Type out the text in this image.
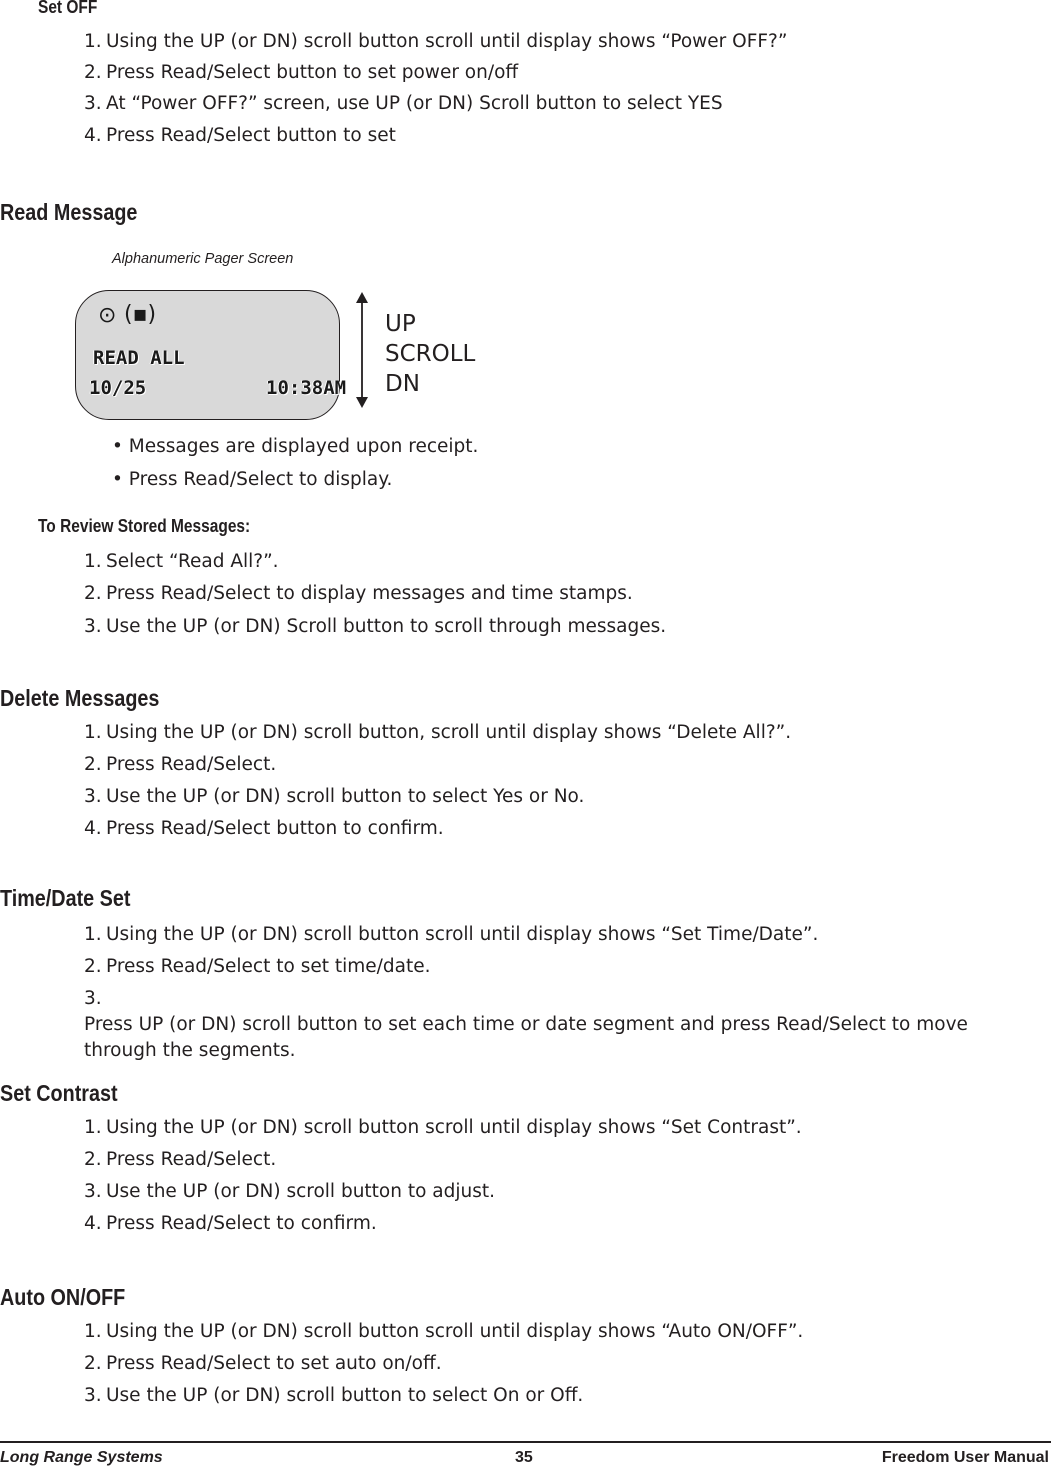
Set OFF
1. Using the UP (or DN) scroll button scroll until display shows “Power OFF?”
2. Press Read/Select button to set power on/off
3. At “Power OFF?” screen, use UP (or DN) Scroll button to select YES
4. Press Read/Select button to set
Read Message
Alphanumeric Pager Screen
⊙ (▪)
READ ALL
10/25	10:38AM
UP
SCROLL
DN
• Messages are displayed upon receipt.
• Press Read/Select to display.
To Review Stored Messages:
1. Select “Read All?”.
2. Press Read/Select to display messages and time stamps.
3. Use the UP (or DN) Scroll button to scroll through messages.
Delete Messages
1. Using the UP (or DN) scroll button, scroll until display shows “Delete All?”.
2. Press Read/Select.
3. Use the UP (or DN) scroll button to select Yes or No.
4. Press Read/Select button to confirm.
Time/Date Set
1. Using the UP (or DN) scroll button scroll until display shows “Set Time/Date”.
2. Press Read/Select to set time/date.
3.Press UP (or DN) scroll button to set each time or date segment and press Read/Select to move through the segments.
Set Contrast
1. Using the UP (or DN) scroll button scroll until display shows “Set Contrast”.
2. Press Read/Select.
3. Use the UP (or DN) scroll button to adjust.
4. Press Read/Select to confirm.
Auto ON/OFF
1. Using the UP (or DN) scroll button scroll until display shows “Auto ON/OFF”.
2. Press Read/Select to set auto on/off.
3. Use the UP (or DN) scroll button to select On or Off.
Long Range Systems	35	Freedom User Manual
